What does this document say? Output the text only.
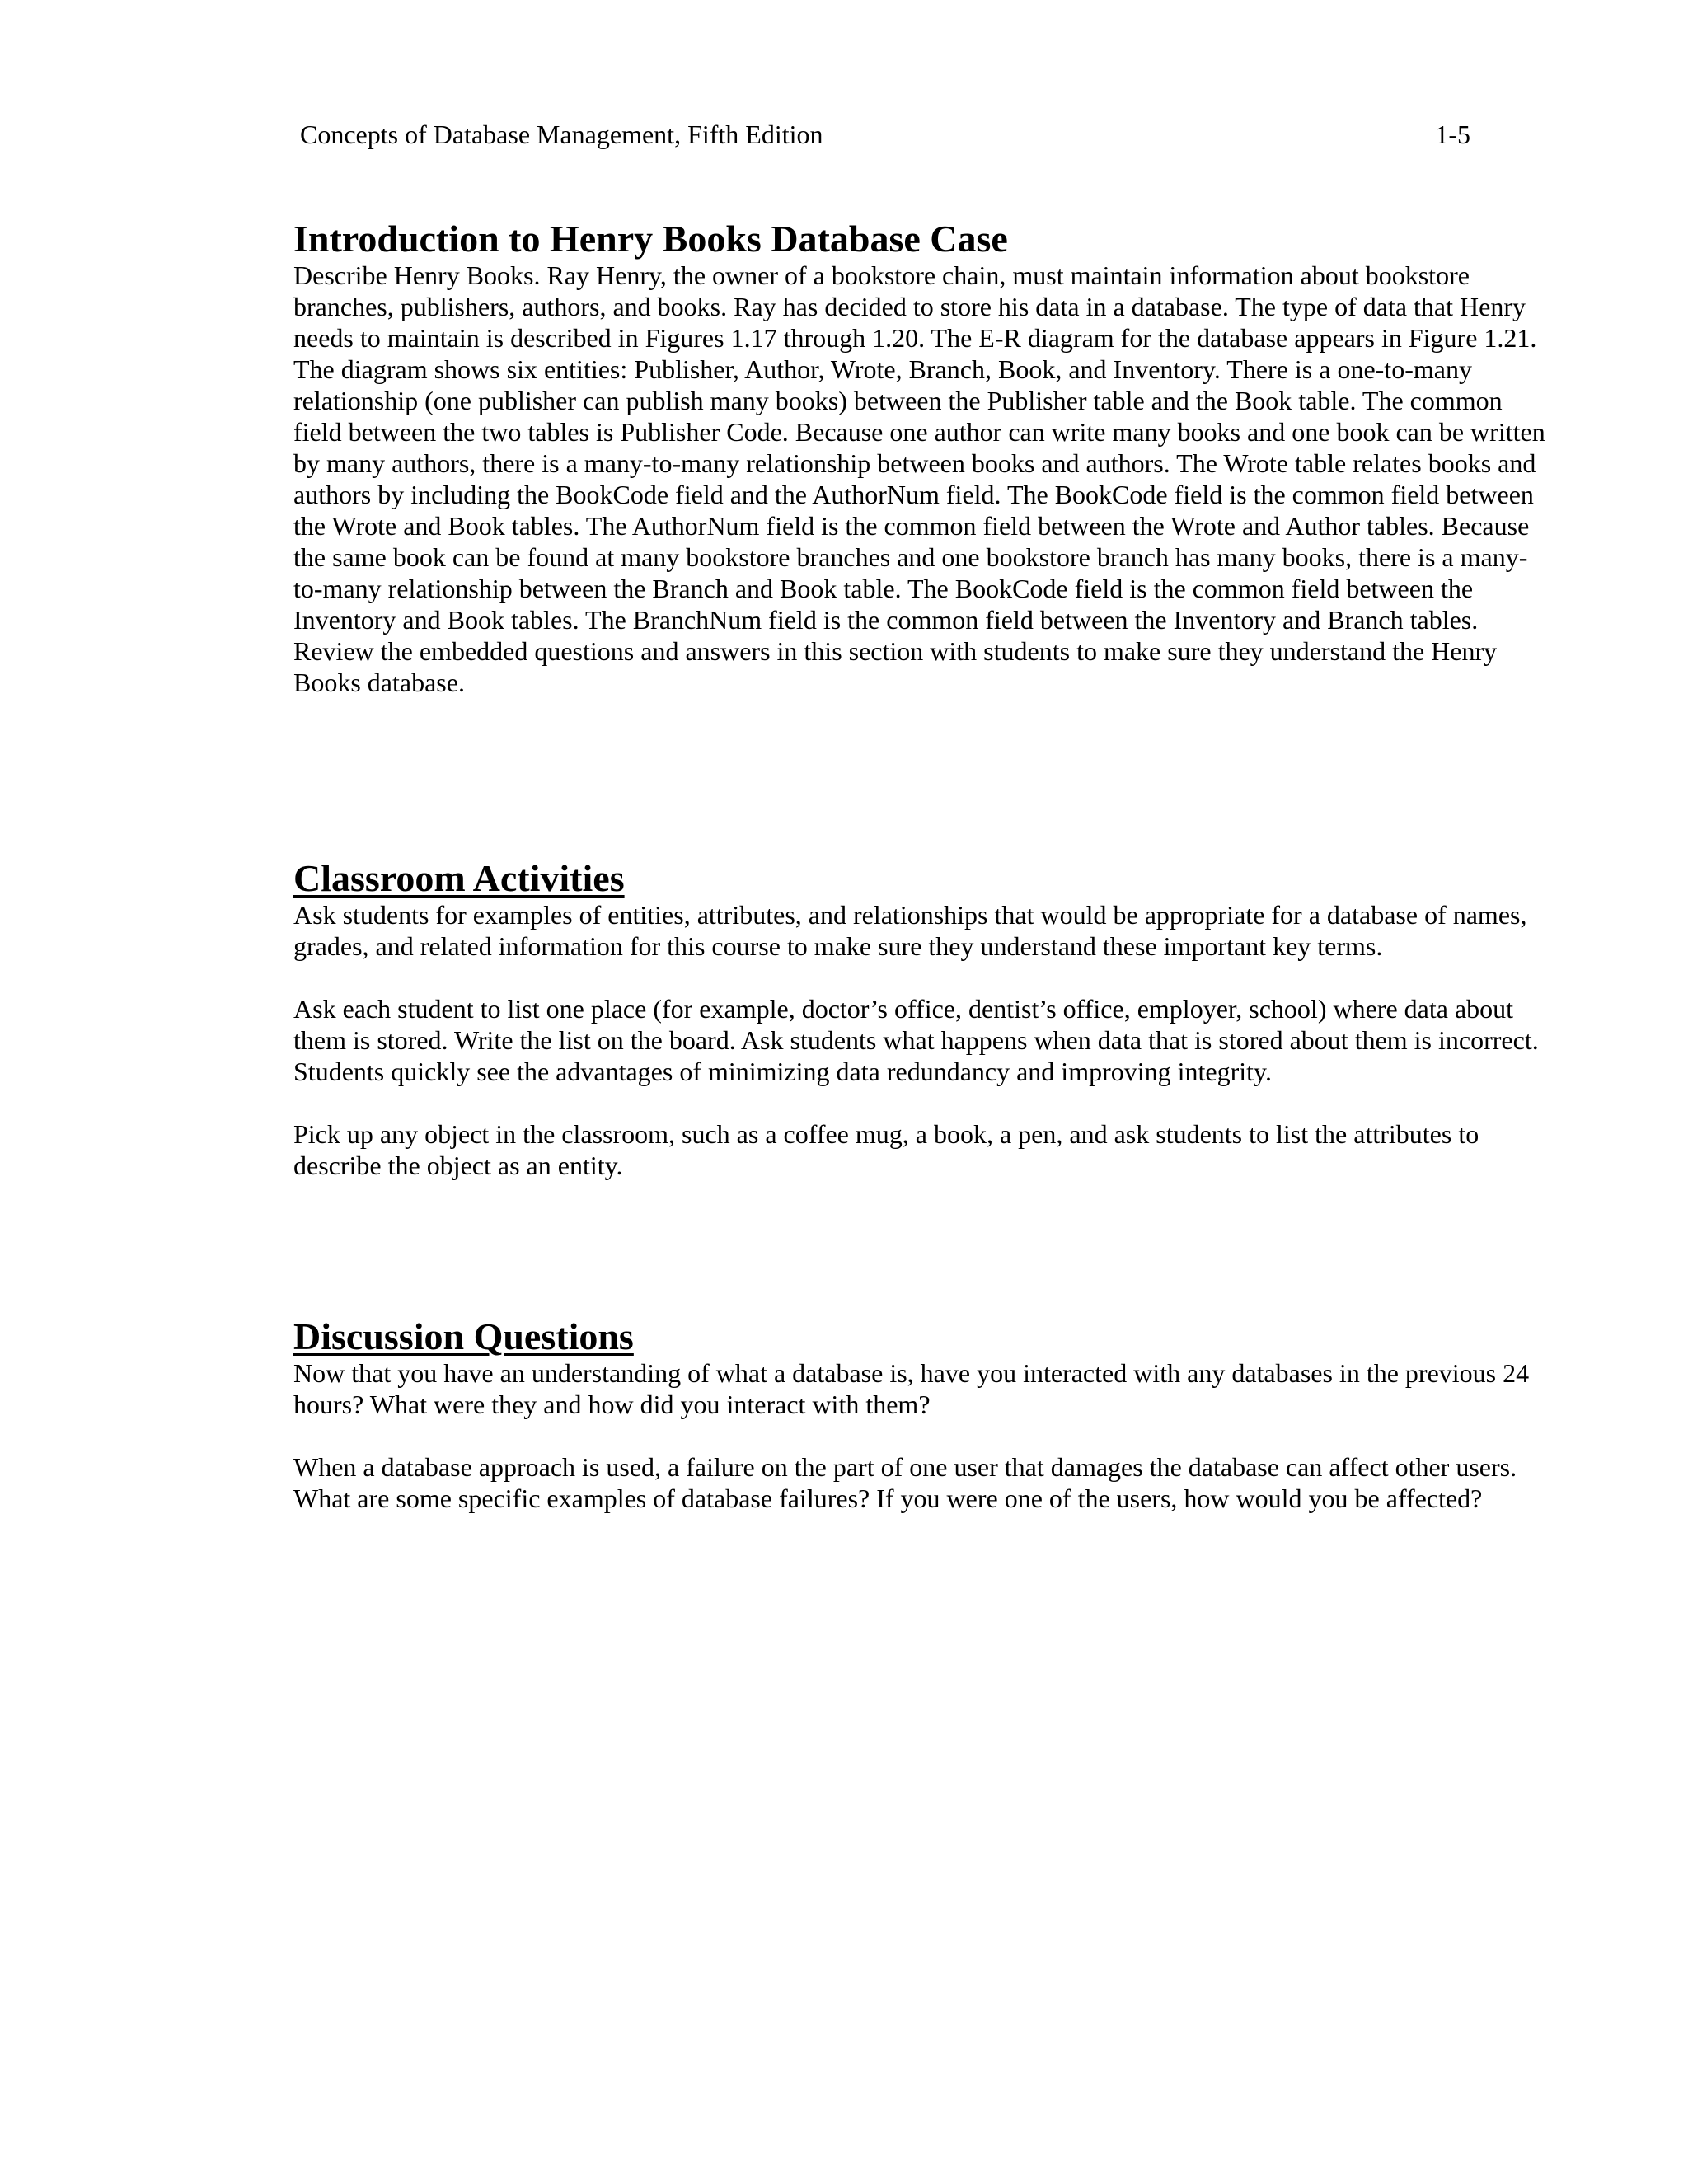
Concepts of Database Management, Fifth Edition	1-5
Introduction to Henry Books Database Case

Describe Henry Books. Ray Henry, the owner of a bookstore chain, must maintain information about bookstore branches, publishers, authors, and books. Ray has decided to store his data in a database. The type of data that Henry needs to maintain is described in Figures 1.17 through 1.20. The E-R diagram for the database appears in Figure 1.21. The diagram shows six entities: Publisher, Author, Wrote, Branch, Book, and Inventory. There is a one-to-many relationship (one publisher can publish many books) between the Publisher table and the Book table. The common field between the two tables is Publisher Code. Because one author can write many books and one book can be written by many authors, there is a many-to-many relationship between books and authors. The Wrote table relates books and authors by including the BookCode field and the AuthorNum field. The BookCode field is the common field between the Wrote and Book tables. The AuthorNum field is the common field between the Wrote and Author tables. Because the same book can be found at many bookstore branches and one bookstore branch has many books, there is a many-to-many relationship between the Branch and Book table. The BookCode field is the common field between the Inventory and Book tables. The BranchNum field is the common field between the Inventory and Branch tables. Review the embedded questions and answers in this section with students to make sure they understand the Henry Books database.

Classroom Activities

Ask students for examples of entities, attributes, and relationships that would be appropriate for a database of names, grades, and related information for this course to make sure they understand these important key terms.

Ask each student to list one place (for example, doctor’s office, dentist’s office, employer, school) where data about them is stored. Write the list on the board. Ask students what happens when data that is stored about them is incorrect. Students quickly see the advantages of minimizing data redundancy and improving integrity.

Pick up any object in the classroom, such as a coffee mug, a book, a pen, and ask students to list the attributes to describe the object as an entity.

Discussion Questions

Now that you have an understanding of what a database is, have you interacted with any databases in the previous 24 hours? What were they and how did you interact with them?

When a database approach is used, a failure on the part of one user that damages the database can affect other users. What are some specific examples of database failures? If you were one of the users, how would you be affected?
